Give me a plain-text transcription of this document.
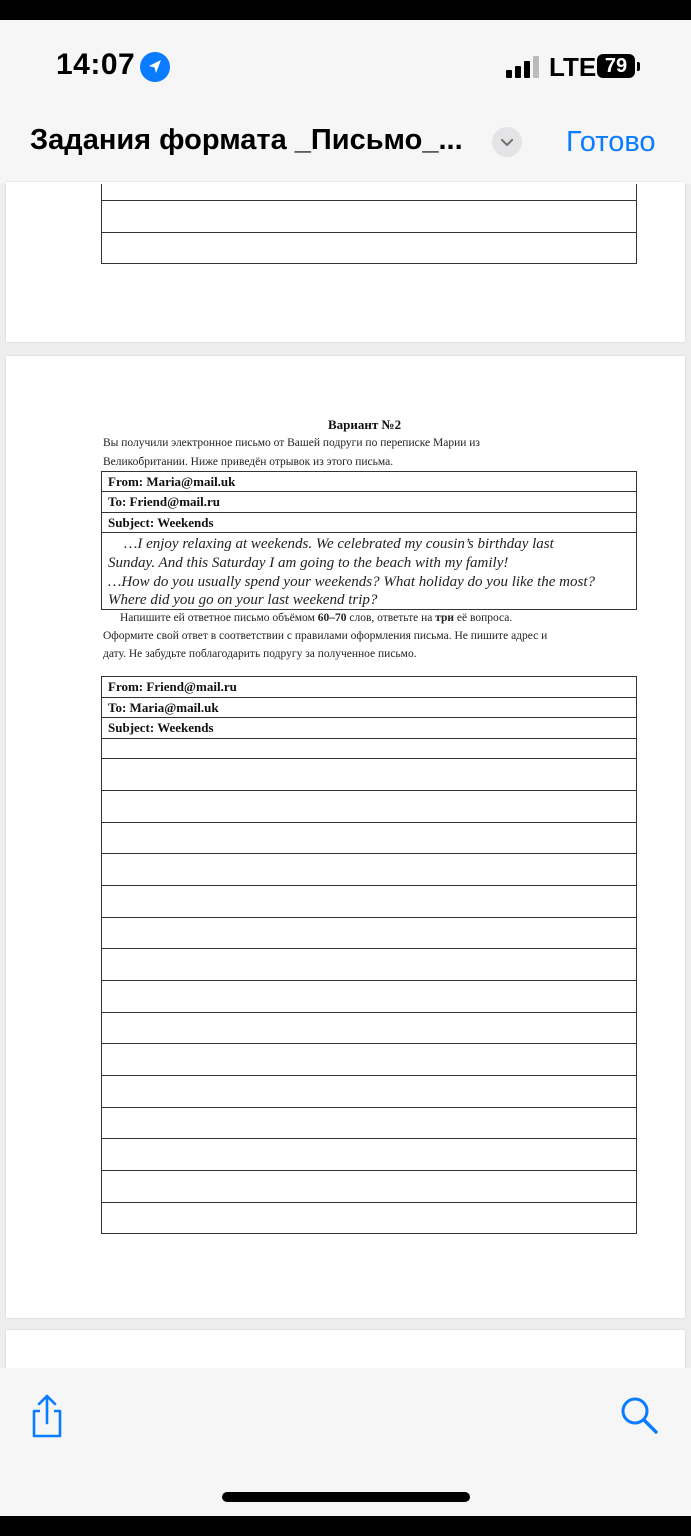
14:07	LTE 79
Задания формата _Письмо_...	Готово
Вариант №2
Вы получили электронное письмо от Вашей подруги по переписке Марии из
Великобритании. Ниже приведён отрывок из этого письма.
From: Maria@mail.uk
To: Friend@mail.ru
Subject: Weekends
…I enjoy relaxing at weekends. We celebrated my cousin’s birthday last
Sunday. And this Saturday I am going to the beach with my family!
…How do you usually spend your weekends? What holiday do you like the most?
Where did you go on your last weekend trip?
Напишите ей ответное письмо объёмом 60–70 слов, ответьте на три её вопроса.
Оформите свой ответ в соответствии с правилами оформления письма. Не пишите адрес и
дату. Не забудьте поблагодарить подругу за полученное письмо.
From: Friend@mail.ru
To: Maria@mail.uk
Subject: Weekends
